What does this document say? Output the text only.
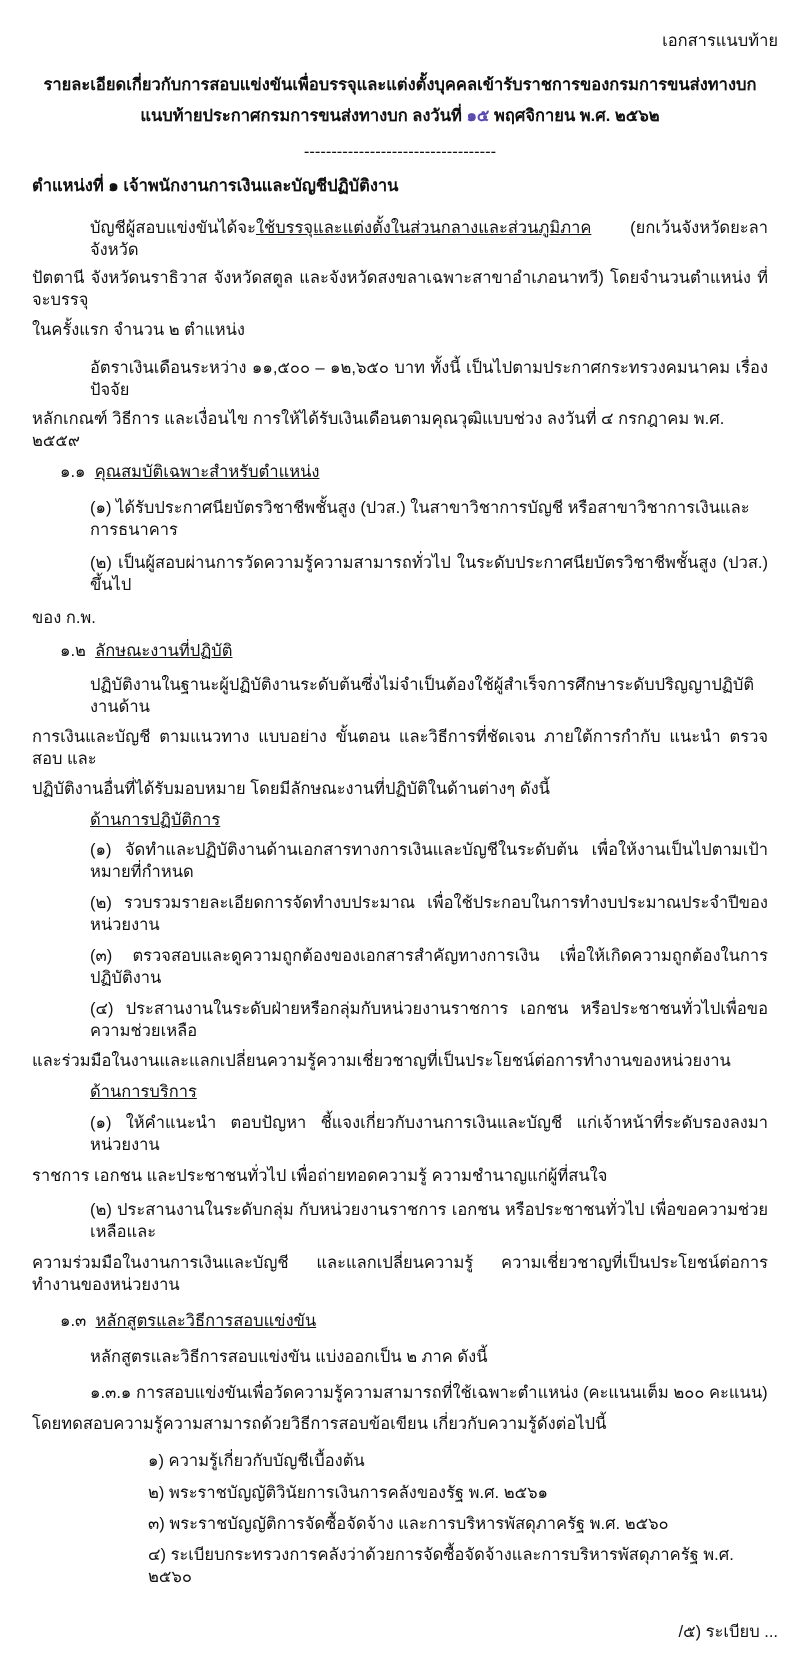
เอกสารแนบท้าย
รายละเอียดเกี่ยวกับการสอบแข่งขันเพื่อบรรจุและแต่งตั้งบุคคลเข้ารับราชการของกรมการขนส่งทางบก
แนบท้ายประกาศกรมการขนส่งทางบก ลงวันที่ ๑๕ พฤศจิกายน พ.ศ. ๒๕๖๒
-----------------------------------
ตำแหน่งที่ ๑ เจ้าพนักงานการเงินและบัญชีปฏิบัติงาน
บัญชีผู้สอบแข่งขันได้จะใช้บรรจุและแต่งตั้งในส่วนกลางและส่วนภูมิภาค (ยกเว้นจังหวัดยะลา จังหวัด
ปัตตานี จังหวัดนราธิวาส จังหวัดสตูล และจังหวัดสงขลาเฉพาะสาขาอำเภอนาทวี) โดยจำนวนตำแหน่ง ที่จะบรรจุ
ในครั้งแรก จำนวน ๒ ตำแหน่ง
อัตราเงินเดือนระหว่าง ๑๑,๕๐๐ – ๑๒,๖๕๐ บาท ทั้งนี้ เป็นไปตามประกาศกระทรวงคมนาคม เรื่อง ปัจจัย
หลักเกณฑ์ วิธีการ และเงื่อนไข การให้ได้รับเงินเดือนตามคุณวุฒิแบบช่วง ลงวันที่ ๔ กรกฎาคม พ.ศ. ๒๕๕๙
๑.๑ คุณสมบัติเฉพาะสำหรับตำแหน่ง
(๑) ได้รับประกาศนียบัตรวิชาชีพชั้นสูง (ปวส.) ในสาขาวิชาการบัญชี หรือสาขาวิชาการเงินและการธนาคาร
(๒) เป็นผู้สอบผ่านการวัดความรู้ความสามารถทั่วไป ในระดับประกาศนียบัตรวิชาชีพชั้นสูง (ปวส.) ขึ้นไป
ของ ก.พ.
๑.๒ ลักษณะงานที่ปฏิบัติ
ปฏิบัติงานในฐานะผู้ปฏิบัติงานระดับต้นซึ่งไม่จำเป็นต้องใช้ผู้สำเร็จการศึกษาระดับปริญญาปฏิบัติงานด้าน
การเงินและบัญชี ตามแนวทาง แบบอย่าง ขั้นตอน และวิธีการที่ชัดเจน ภายใต้การกำกับ แนะนำ ตรวจสอบ และ
ปฏิบัติงานอื่นที่ได้รับมอบหมาย โดยมีลักษณะงานที่ปฏิบัติในด้านต่างๆ ดังนี้
ด้านการปฏิบัติการ
(๑) จัดทำและปฏิบัติงานด้านเอกสารทางการเงินและบัญชีในระดับต้น เพื่อให้งานเป็นไปตามเป้าหมายที่กำหนด
(๒) รวบรวมรายละเอียดการจัดทำงบประมาณ เพื่อใช้ประกอบในการทำงบประมาณประจำปีของหน่วยงาน
(๓) ตรวจสอบและดูความถูกต้องของเอกสารสำคัญทางการเงิน เพื่อให้เกิดความถูกต้องในการปฏิบัติงาน
(๔) ประสานงานในระดับฝ่ายหรือกลุ่มกับหน่วยงานราชการ เอกชน หรือประชาชนทั่วไปเพื่อขอความช่วยเหลือ
และร่วมมือในงานและแลกเปลี่ยนความรู้ความเชี่ยวชาญที่เป็นประโยชน์ต่อการทำงานของหน่วยงาน
ด้านการบริการ
(๑) ให้คำแนะนำ ตอบปัญหา ชี้แจงเกี่ยวกับงานการเงินและบัญชี แก่เจ้าหน้าที่ระดับรองลงมาหน่วยงาน
ราชการ เอกชน และประชาชนทั่วไป เพื่อถ่ายทอดความรู้ ความชำนาญแก่ผู้ที่สนใจ
(๒) ประสานงานในระดับกลุ่ม กับหน่วยงานราชการ เอกชน หรือประชาชนทั่วไป เพื่อขอความช่วยเหลือและ
ความร่วมมือในงานการเงินและบัญชี และแลกเปลี่ยนความรู้ ความเชี่ยวชาญที่เป็นประโยชน์ต่อการทำงานของหน่วยงาน
๑.๓ หลักสูตรและวิธีการสอบแข่งขัน
หลักสูตรและวิธีการสอบแข่งขัน แบ่งออกเป็น ๒ ภาค ดังนี้
๑.๓.๑ การสอบแข่งขันเพื่อวัดความรู้ความสามารถที่ใช้เฉพาะตำแหน่ง (คะแนนเต็ม ๒๐๐ คะแนน)
โดยทดสอบความรู้ความสามารถด้วยวิธีการสอบข้อเขียน เกี่ยวกับความรู้ดังต่อไปนี้
๑) ความรู้เกี่ยวกับบัญชีเบื้องต้น
๒) พระราชบัญญัติวินัยการเงินการคลังของรัฐ พ.ศ. ๒๕๖๑
๓) พระราชบัญญัติการจัดซื้อจัดจ้าง และการบริหารพัสดุภาครัฐ พ.ศ. ๒๕๖๐
๔) ระเบียบกระทรวงการคลังว่าด้วยการจัดซื้อจัดจ้างและการบริหารพัสดุภาครัฐ พ.ศ. ๒๕๖๐
/๕) ระเบียบ ...
